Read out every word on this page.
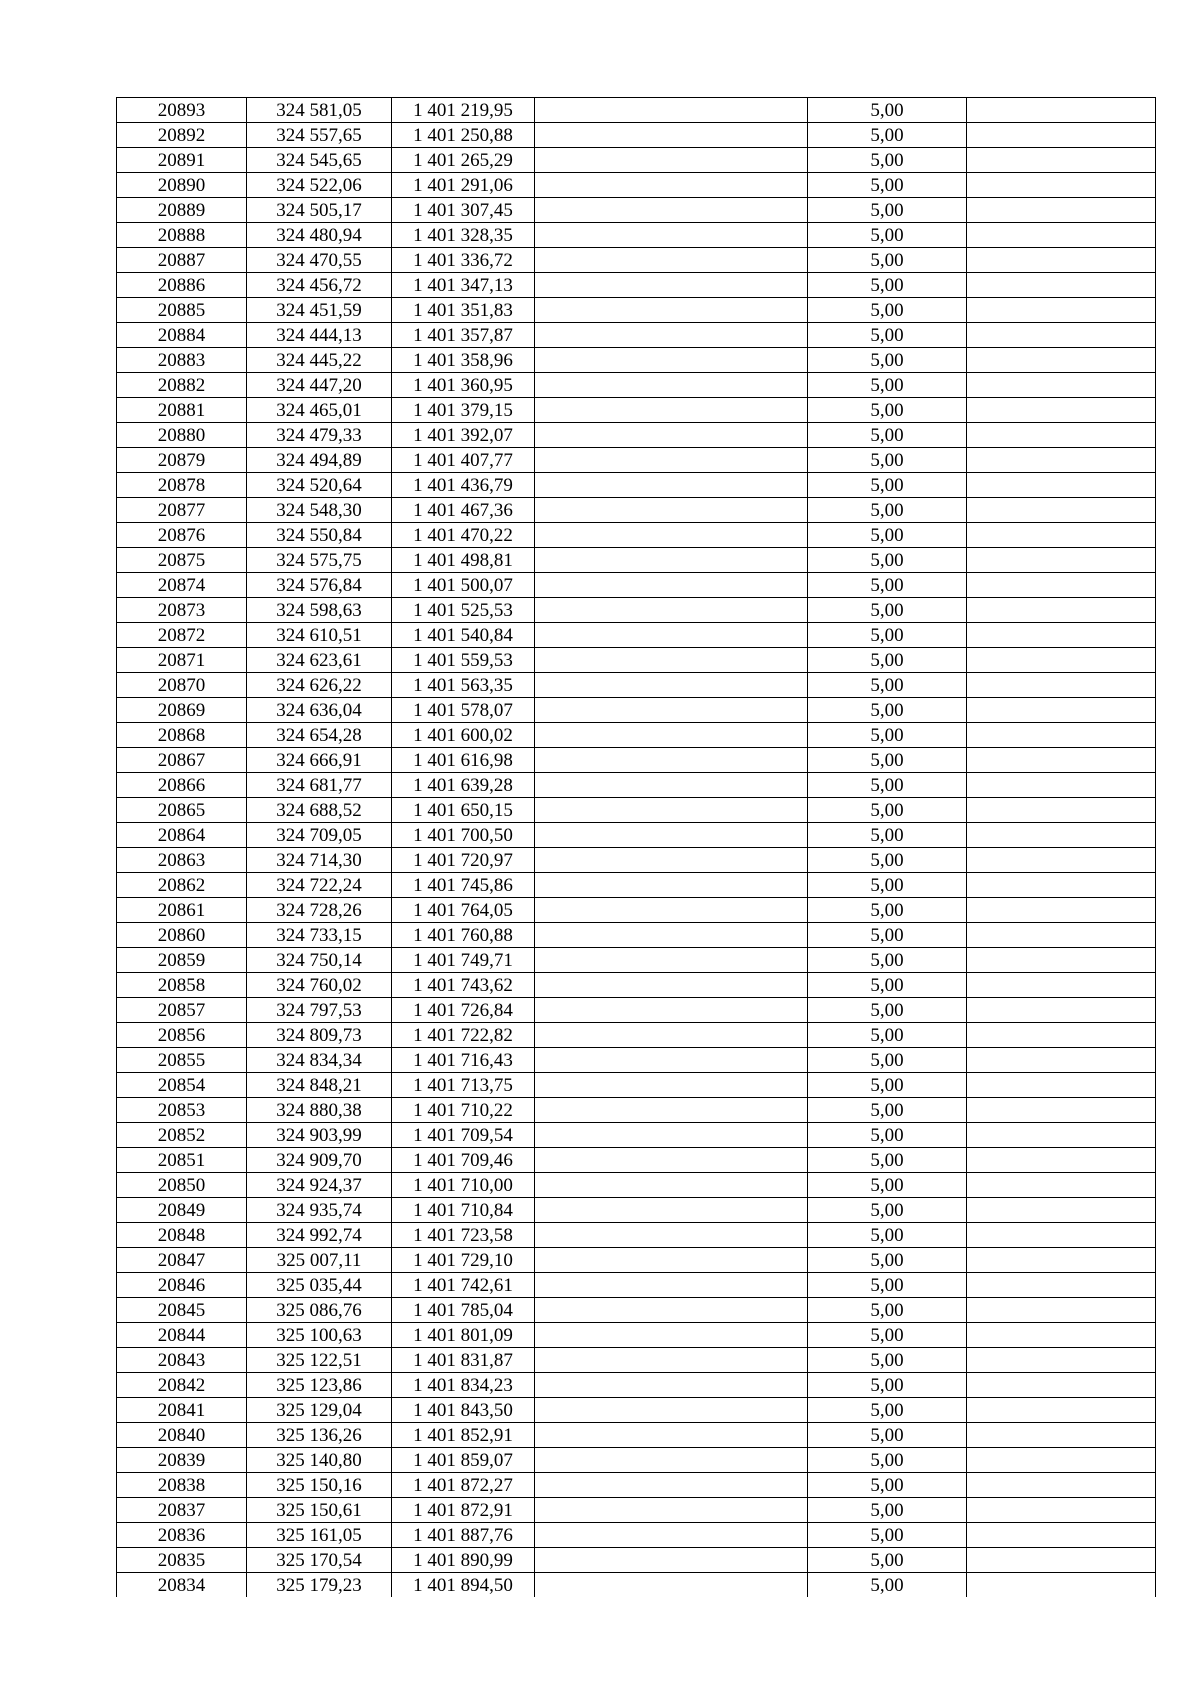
20893	324 581,05	1 401 219,95		5,00	
20892	324 557,65	1 401 250,88		5,00	
20891	324 545,65	1 401 265,29		5,00	
20890	324 522,06	1 401 291,06		5,00	
20889	324 505,17	1 401 307,45		5,00	
20888	324 480,94	1 401 328,35		5,00	
20887	324 470,55	1 401 336,72		5,00	
20886	324 456,72	1 401 347,13		5,00	
20885	324 451,59	1 401 351,83		5,00	
20884	324 444,13	1 401 357,87		5,00	
20883	324 445,22	1 401 358,96		5,00	
20882	324 447,20	1 401 360,95		5,00	
20881	324 465,01	1 401 379,15		5,00	
20880	324 479,33	1 401 392,07		5,00	
20879	324 494,89	1 401 407,77		5,00	
20878	324 520,64	1 401 436,79		5,00	
20877	324 548,30	1 401 467,36		5,00	
20876	324 550,84	1 401 470,22		5,00	
20875	324 575,75	1 401 498,81		5,00	
20874	324 576,84	1 401 500,07		5,00	
20873	324 598,63	1 401 525,53		5,00	
20872	324 610,51	1 401 540,84		5,00	
20871	324 623,61	1 401 559,53		5,00	
20870	324 626,22	1 401 563,35		5,00	
20869	324 636,04	1 401 578,07		5,00	
20868	324 654,28	1 401 600,02		5,00	
20867	324 666,91	1 401 616,98		5,00	
20866	324 681,77	1 401 639,28		5,00	
20865	324 688,52	1 401 650,15		5,00	
20864	324 709,05	1 401 700,50		5,00	
20863	324 714,30	1 401 720,97		5,00	
20862	324 722,24	1 401 745,86		5,00	
20861	324 728,26	1 401 764,05		5,00	
20860	324 733,15	1 401 760,88		5,00	
20859	324 750,14	1 401 749,71		5,00	
20858	324 760,02	1 401 743,62		5,00	
20857	324 797,53	1 401 726,84		5,00	
20856	324 809,73	1 401 722,82		5,00	
20855	324 834,34	1 401 716,43		5,00	
20854	324 848,21	1 401 713,75		5,00	
20853	324 880,38	1 401 710,22		5,00	
20852	324 903,99	1 401 709,54		5,00	
20851	324 909,70	1 401 709,46		5,00	
20850	324 924,37	1 401 710,00		5,00	
20849	324 935,74	1 401 710,84		5,00	
20848	324 992,74	1 401 723,58		5,00	
20847	325 007,11	1 401 729,10		5,00	
20846	325 035,44	1 401 742,61		5,00	
20845	325 086,76	1 401 785,04		5,00	
20844	325 100,63	1 401 801,09		5,00	
20843	325 122,51	1 401 831,87		5,00	
20842	325 123,86	1 401 834,23		5,00	
20841	325 129,04	1 401 843,50		5,00	
20840	325 136,26	1 401 852,91		5,00	
20839	325 140,80	1 401 859,07		5,00	
20838	325 150,16	1 401 872,27		5,00	
20837	325 150,61	1 401 872,91		5,00	
20836	325 161,05	1 401 887,76		5,00	
20835	325 170,54	1 401 890,99		5,00	
20834	325 179,23	1 401 894,50		5,00	
